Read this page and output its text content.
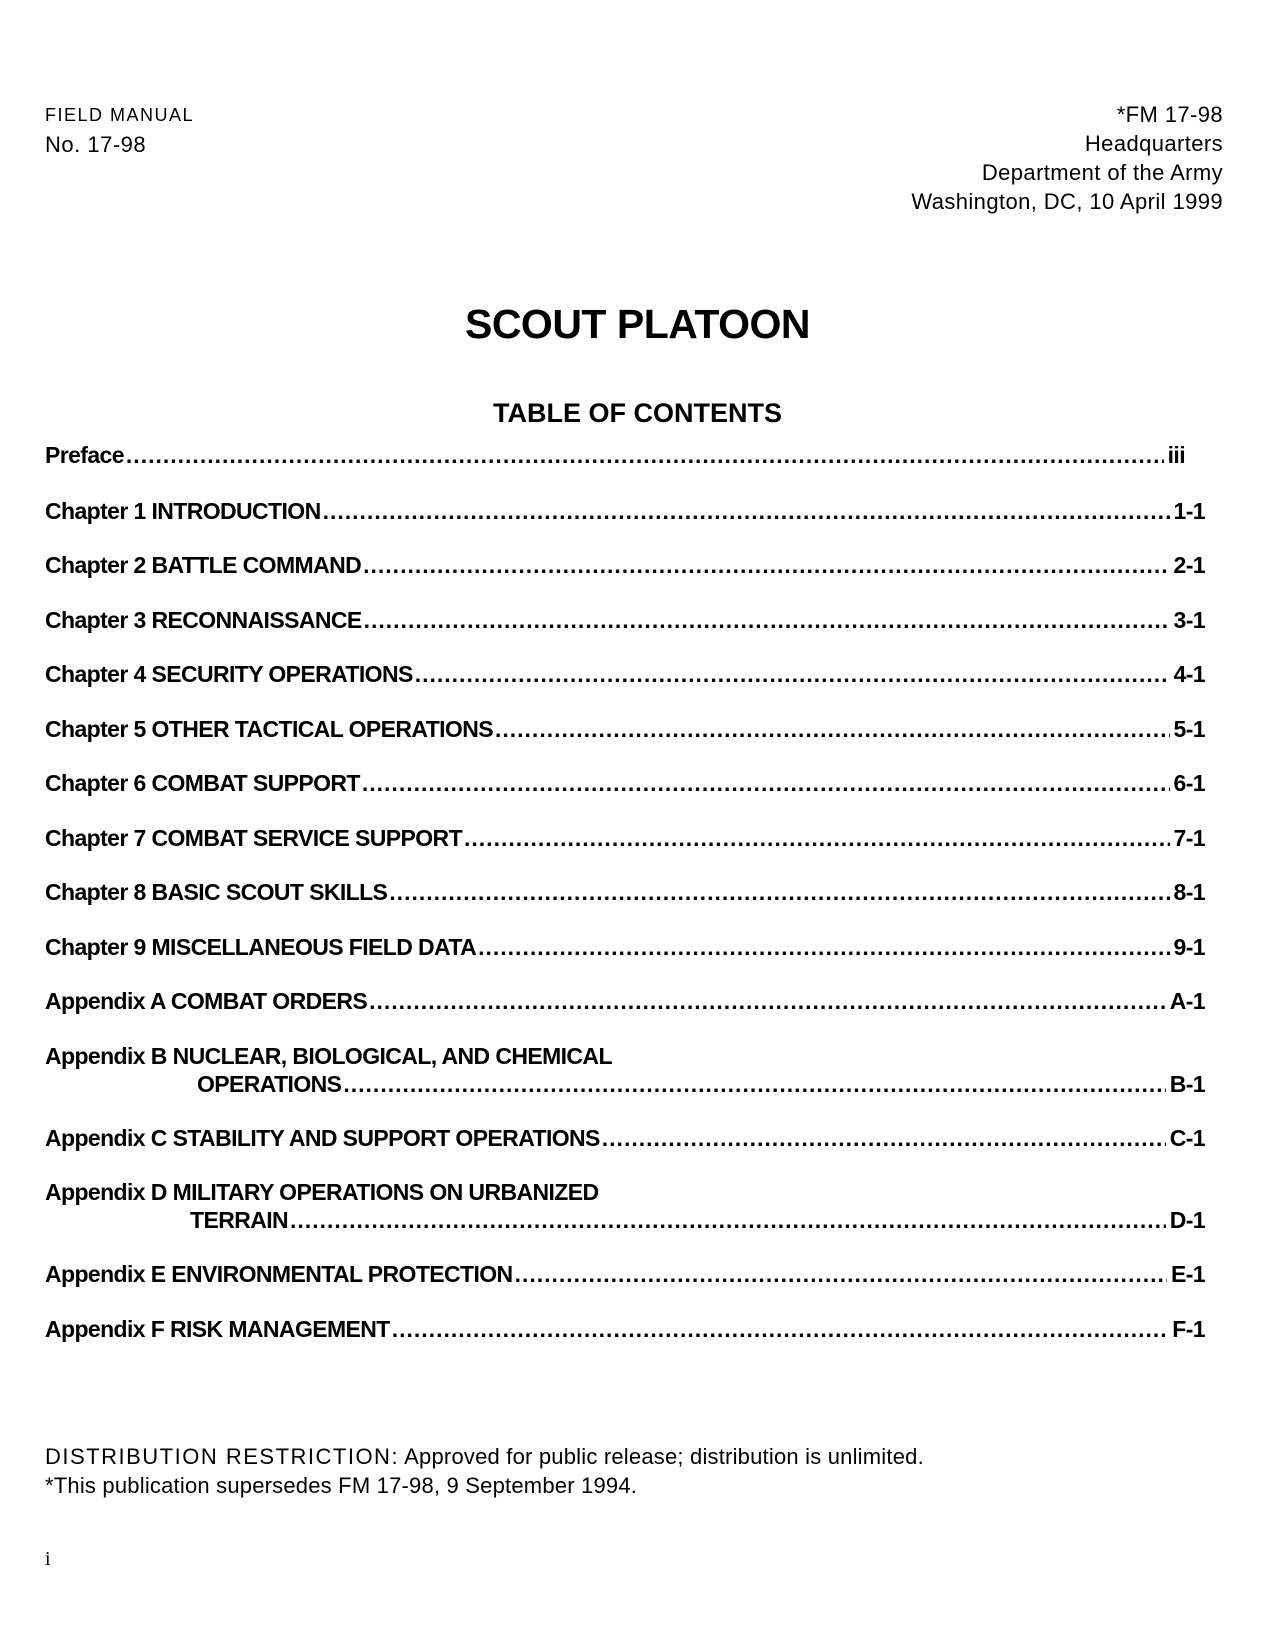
FIELD MANUAL
No. 17-98
*FM 17-98
Headquarters
Department of the Army
Washington, DC, 10 April 1999
SCOUT PLATOON
TABLE OF CONTENTS
Preface .....	iii
Chapter 1 INTRODUCTION .....	1-1
Chapter 2 BATTLE COMMAND .....	2-1
Chapter 3 RECONNAISSANCE .....	3-1
Chapter 4 SECURITY OPERATIONS .....	4-1
Chapter 5 OTHER TACTICAL OPERATIONS .....	5-1
Chapter 6 COMBAT SUPPORT .....	6-1
Chapter 7 COMBAT SERVICE SUPPORT .....	7-1
Chapter 8 BASIC SCOUT SKILLS .....	8-1
Chapter 9 MISCELLANEOUS FIELD DATA .....	9-1
Appendix A COMBAT ORDERS .....	A-1
Appendix B NUCLEAR, BIOLOGICAL, AND CHEMICAL
OPERATIONS .....	B-1
Appendix C STABILITY AND SUPPORT OPERATIONS .....	C-1
Appendix D MILITARY OPERATIONS ON URBANIZED
TERRAIN .....	D-1
Appendix E ENVIRONMENTAL PROTECTION .....	E-1
Appendix F RISK MANAGEMENT .....	F-1
DISTRIBUTION RESTRICTION: Approved for public release; distribution is unlimited.
*This publication supersedes FM 17-98, 9 September 1994.
i
